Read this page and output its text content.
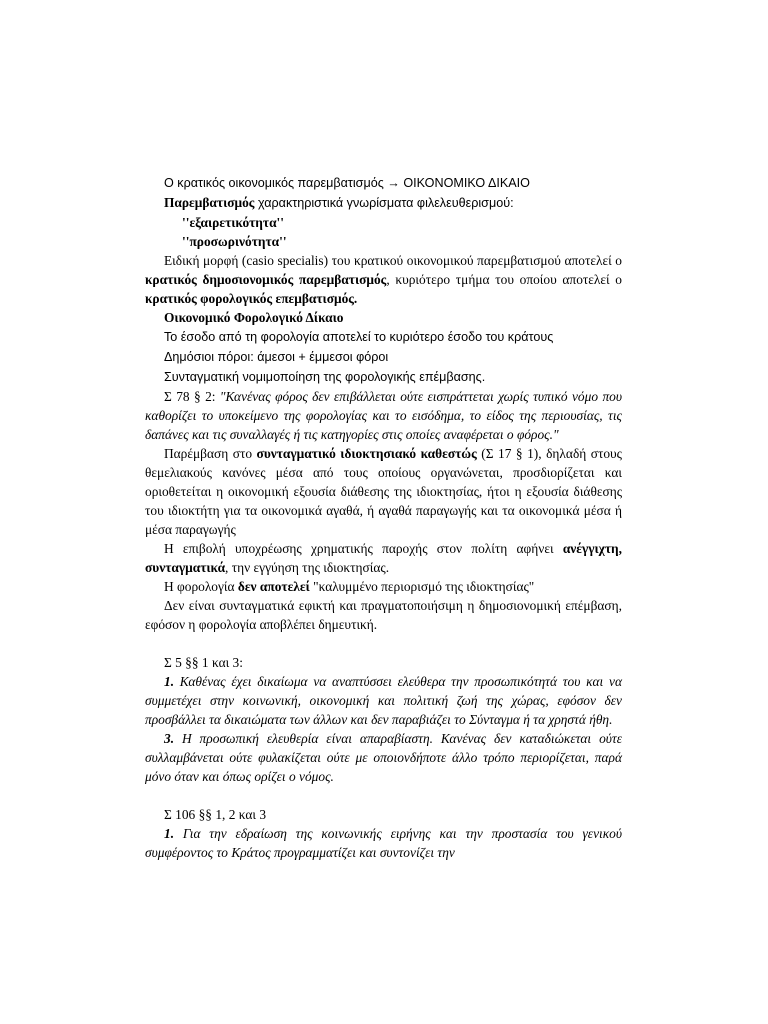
Ο κρατικός οικονομικός παρεμβατισμός → ΟΙΚΟΝΟΜΙΚΟ ΔΙΚΑΙΟ

Παρεμβατισμός χαρακτηριστικά γνωρίσματα φιλελευθερισμού:

''εξαιρετικότητα''

''προσωρινότητα''

Ειδική μορφή (casio specialis) του κρατικού οικονομικού παρεμβατισμού αποτελεί ο κρατικός δημοσιονομικός παρεμβατισμός, κυριότερο τμήμα του οποίου αποτελεί ο κρατικός φορολογικός επεμβατισμός.

Οικονομικό Φορολογικό Δίκαιο

Το έσοδο από τη φορολογία αποτελεί το κυριότερο έσοδο του κράτους

Δημόσιοι πόροι: άμεσοι + έμμεσοι φόροι

Συνταγματική νομιμοποίηση της φορολογικής επέμβασης.

Σ 78 § 2: "Κανένας φόρος δεν επιβάλλεται ούτε εισπράττεται χωρίς τυπικό νόμο που καθορίζει το υποκείμενο της φορολογίας και το εισόδημα, το είδος της περιουσίας, τις δαπάνες και τις συναλλαγές ή τις κατηγορίες στις οποίες αναφέρεται ο φόρος."

Παρέμβαση στο συνταγματικό ιδιοκτησιακό καθεστώς (Σ 17 § 1), δηλαδή στους θεμελιακούς κανόνες μέσα από τους οποίους οργανώνεται, προσδιορίζεται και οριοθετείται η οικονομική εξουσία διάθεσης της ιδιοκτησίας, ήτοι η εξουσία διάθεσης του ιδιοκτήτη για τα οικονομικά αγαθά, ή αγαθά παραγωγής και τα οικονομικά μέσα ή μέσα παραγωγής

Η επιβολή υποχρέωσης χρηματικής παροχής στον πολίτη αφήνει ανέγγιχτη, συνταγματικά, την εγγύηση της ιδιοκτησίας.

Η φορολογία δεν αποτελεί "καλυμμένο περιορισμό της ιδιοκτησίας"

Δεν είναι συνταγματικά εφικτή και πραγματοποιήσιμη η δημοσιονομική επέμβαση, εφόσον η φορολογία αποβλέπει δημευτική.

Σ 5 §§ 1 και 3:

1. Καθένας έχει δικαίωμα να αναπτύσσει ελεύθερα την προσωπικότητά του και να συμμετέχει στην κοινωνική, οικονομική και πολιτική ζωή της χώρας, εφόσον δεν προσβάλλει τα δικαιώματα των άλλων και δεν παραβιάζει το Σύνταγμα ή τα χρηστά ήθη.

3. Η προσωπική ελευθερία είναι απαραβίαστη. Κανένας δεν καταδιώκεται ούτε συλλαμβάνεται ούτε φυλακίζεται ούτε με οποιονδήποτε άλλο τρόπο περιορίζεται, παρά μόνο όταν και όπως ορίζει ο νόμος.

Σ 106 §§ 1, 2 και 3

1. Για την εδραίωση της κοινωνικής ειρήνης και την προστασία του γενικού συμφέροντος το Κράτος προγραμματίζει και συντονίζει την
